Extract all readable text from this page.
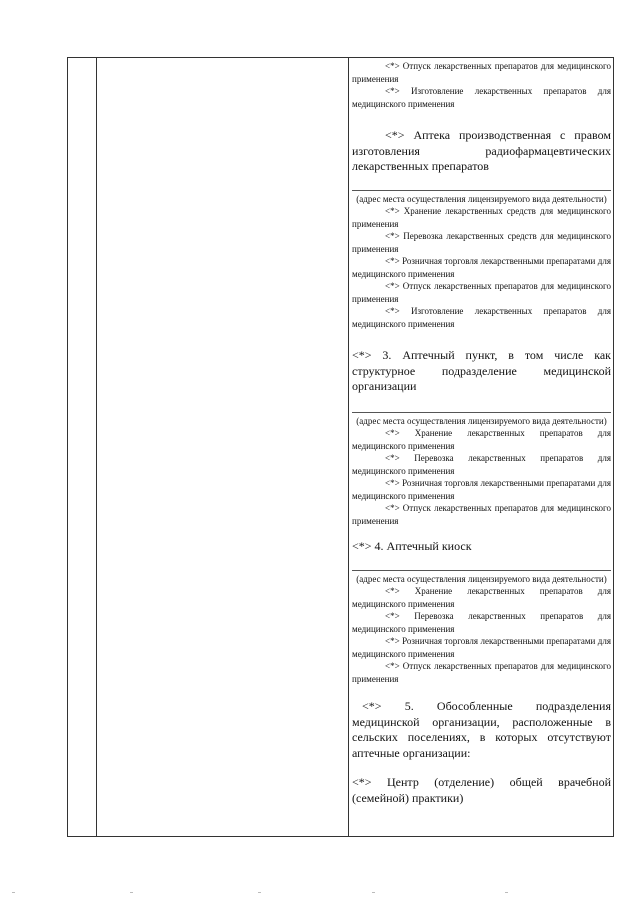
<*> Отпуск лекарственных препаратов для медицинского применения

<*> Изготовление лекарственных препаратов для медицинского применения

<*> Аптека производственная с правом изготовления радиофармацевтических лекарственных препаратов

(адрес места осуществления лицензируемого вида деятельности)

<*> Хранение лекарственных средств для медицинского применения

<*> Перевозка лекарственных средств для медицинского применения

<*> Розничная торговля лекарственными препаратами для медицинского применения

<*> Отпуск лекарственных препаратов для медицинского применения

<*> Изготовление лекарственных препаратов для медицинского применения

<*> 3. Аптечный пункт, в том числе как структурное подразделение медицинской организации

(адрес места осуществления лицензируемого вида деятельности)

<*> Хранение лекарственных препаратов для медицинского применения

<*> Перевозка лекарственных препаратов для медицинского применения

<*> Розничная торговля лекарственными препаратами для медицинского применения

<*> Отпуск лекарственных препаратов для медицинского применения

<*> 4. Аптечный киоск

(адрес места осуществления лицензируемого вида деятельности)

<*> Хранение лекарственных препаратов для медицинского применения

<*> Перевозка лекарственных препаратов для медицинского применения

<*> Розничная торговля лекарственными препаратами для медицинского применения

<*> Отпуск лекарственных препаратов для медицинского применения

<*> 5. Обособленные подразделения медицинской организации, расположенные в сельских поселениях, в которых отсутствуют аптечные организации:

<*> Центр (отделение) общей врачебной (семейной) практики)
